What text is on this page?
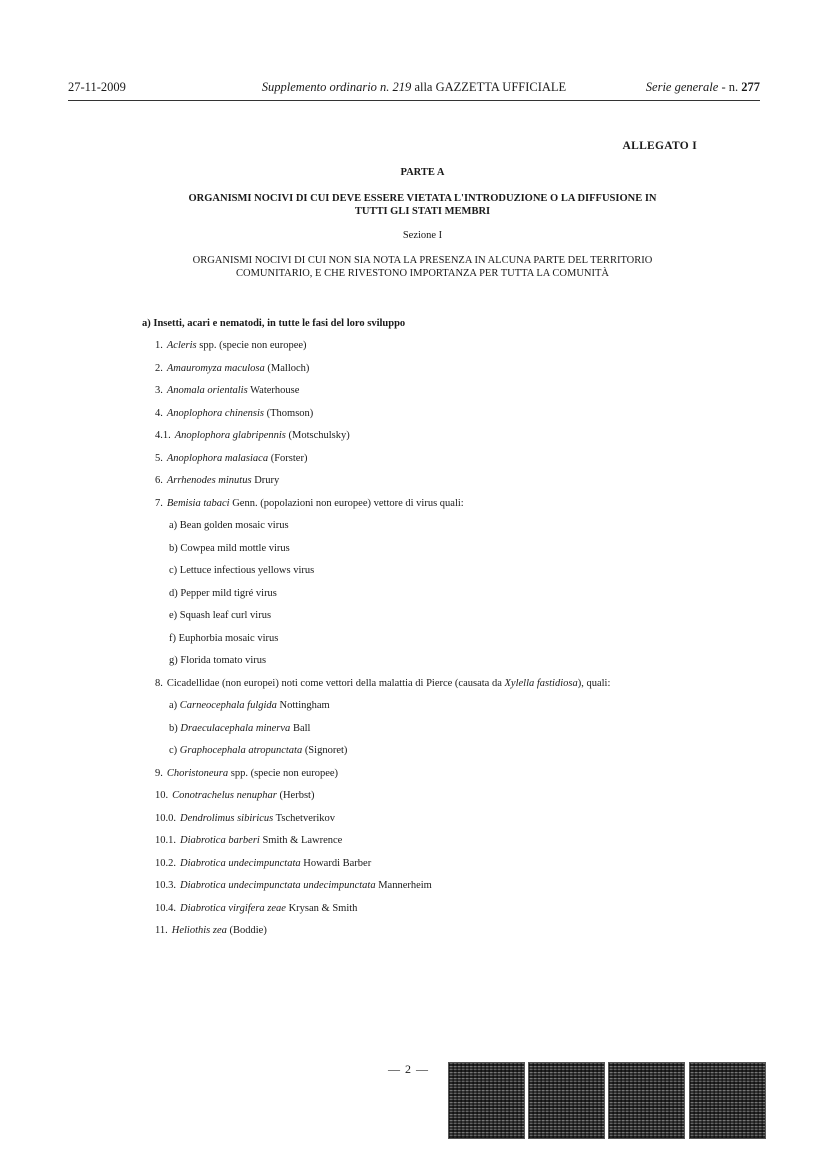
27-11-2009	Supplemento ordinario n. 219 alla GAZZETTA UFFICIALE	Serie generale - n. 277
ALLEGATO I
PARTE A
ORGANISMI NOCIVI DI CUI DEVE ESSERE VIETATA L'INTRODUZIONE O LA DIFFUSIONE IN
TUTTI GLI STATI MEMBRI
Sezione I
ORGANISMI NOCIVI DI CUI NON SIA NOTA LA PRESENZA IN ALCUNA PARTE DEL TERRITORIO
COMUNITARIO, E CHE RIVESTONO IMPORTANZA PER TUTTA LA COMUNITÀ
a) Insetti, acari e nematodi, in tutte le fasi del loro sviluppo
1. Acleris spp. (specie non europee)
2. Amauromyza maculosa (Malloch)
3. Anomala orientalis Waterhouse
4. Anoplophora chinensis (Thomson)
4.1. Anoplophora glabripennis (Motschulsky)
5. Anoplophora malasiaca (Forster)
6. Arrhenodes minutus Drury
7. Bemisia tabaci Genn. (popolazioni non europee) vettore di virus quali:
a) Bean golden mosaic virus
b) Cowpea mild mottle virus
c) Lettuce infectious yellows virus
d) Pepper mild tigré virus
e) Squash leaf curl virus
f) Euphorbia mosaic virus
g) Florida tomato virus
8. Cicadellidae (non europei) noti come vettori della malattia di Pierce (causata da Xylella fastidiosa), quali:
a) Carneocephala fulgida Nottingham
b) Draeculacephala minerva Ball
c) Graphocephala atropunctata (Signoret)
9. Choristoneura spp. (specie non europee)
10. Conotrachelus nenuphar (Herbst)
10.0. Dendrolimus sibiricus Tschetverikov
10.1. Diabrotica barberi Smith & Lawrence
10.2. Diabrotica undecimpunctata Howardi Barber
10.3. Diabrotica undecimpunctata undecimpunctata Mannerheim
10.4. Diabrotica virgifera zeae Krysan & Smith
11. Heliothis zea (Boddie)
— 2 —
